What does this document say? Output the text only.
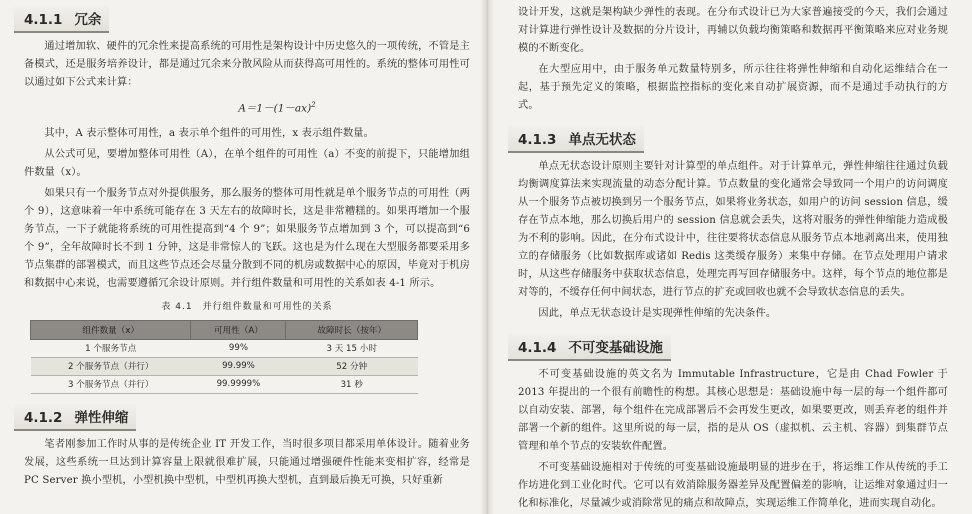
4.1.1 冗余

通过增加软、硬件的冗余性来提高系统的可用性是架构设计中历史悠久的一项传统，不管是主备模式，还是服务培养设计，都是通过冗余来分散风险从而获得高可用性的。系统的整体可用性可以通过如下公式来计算：

$A=1-(1-ax)^2$

其中，A 表示整体可用性，a 表示单个组件的可用性，x 表示组件数量。

从公式可见，要增加整体可用性（A），在单个组件的可用性（a）不变的前提下，只能增加组件数量（x）。

如果只有一个服务节点对外提供服务，那么服务的整体可用性就是单个服务节点的可用性（两个 9），这意味着一年中系统可能存在 3 天左右的故障时长，这是非常糟糕的。如果再增加一个服务节点，一下子就能将系统的可用性提高到“4 个 9”；如果服务节点增加到 3 个，可以提高到“6 个 9”，全年故障时长不到 1 分钟，这是非常惊人的飞跃。这也是为什么现在大型服务都要采用多节点集群的部署模式，而且这些节点还会尽量分散到不同的机房或数据中心的原因，毕竟对于机房和数据中心来说，也需要遵循冗余设计原则。并行组件数量和可用性的关系如表 4-1 所示。

表 4.1　并行组件数量和可用性的关系
组件数量（x）	可用性（A）	故障时长（按年）
1 个服务节点	99%	3 天 15 小时
2 个服务节点（并行）	99.99%	52 分钟
3 个服务节点（并行）	99.9999%	31 秒
4.1.2 弹性伸缩

笔者刚参加工作时从事的是传统企业 IT 开发工作，当时很多项目都采用单体设计。随着业务发展，这些系统一旦达到计算容量上限就很难扩展，只能通过增强硬件性能来变相扩容，经常是 PC Server 换小型机，小型机换中型机，中型机再换大型机，直到最后换无可换，只好重新

设计开发，这就是架构缺少弹性的表现。在分布式设计已为大家普遍接受的今天，我们会通过对计算进行弹性设计及数据的分片设计，再辅以负载均衡策略和数据再平衡策略来应对业务规模的不断变化。

在大型应用中，由于服务单元数量特别多，所示往往将弹性伸缩和自动化运维结合在一起，基于预先定义的策略，根据监控指标的变化来自动扩展资源，而不是通过手动执行的方式。

4.1.3 单点无状态

单点无状态设计原则主要针对计算型的单点组件。对于计算单元，弹性伸缩往往通过负载均衡调度算法来实现流量的动态分配计算。节点数量的变化通常会导致同一个用户的访问调度从一个服务节点被切换到另一个服务节点，如果将业务状态，如用户的访问 session 信息，缓存在节点本地，那么切换后用户的 session 信息就会丢失，这将对服务的弹性伸缩能力造成极为不利的影响。因此，在分布式设计中，往往要将状态信息从服务节点本地剥离出来，使用独立的存储服务（比如数据库或诸如 Redis 这类缓存服务）来集中存储。在节点处理用户请求时，从这些存储服务中获取状态信息，处理完再写回存储服务中。这样，每个节点的地位都是对等的，不缓存任何中间状态，进行节点的扩充或回收也就不会导致状态信息的丢失。

因此，单点无状态设计是实现弹性伸缩的先决条件。

4.1.4 不可变基础设施

不可变基础设施的英文名为 Immutable Infrastructure，它是由 Chad Fowler 于 2013 年提出的一个很有前瞻性的构想。其核心思想是：基础设施中每一层的每一个组件都可以自动安装、部署，每个组件在完成部署后不会再发生更改，如果要更改，则丢弃老的组件并部署一个新的组件。这里所说的每一层，指的是从 OS（虚拟机、云主机、容器）到集群节点管理和单个节点的安装软件配置。

不可变基础设施相对于传统的可变基础设施最明显的进步在于，将运维工作从传统的手工作坊进化到工业化时代。它可以有效消除服务器差异及配置偏差的影响，让运维对象通过归一化和标准化，尽量减少或消除常见的痛点和故障点，实现运维工作简单化，进而实现自动化。
